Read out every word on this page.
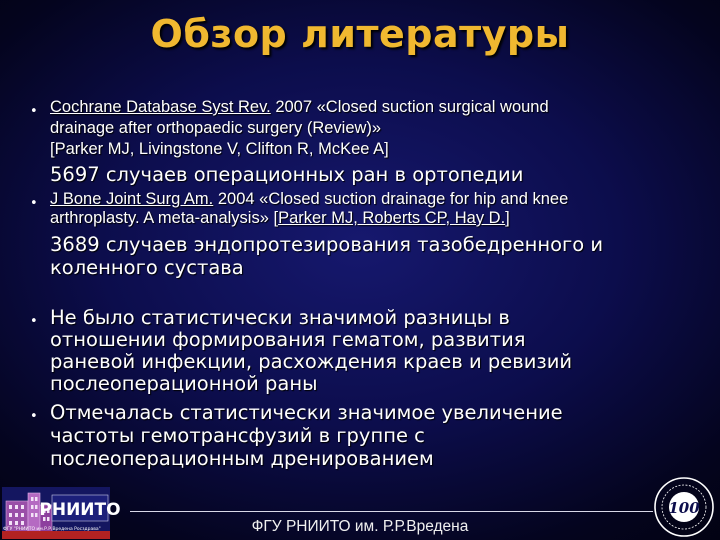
Обзор литературы
• Cochrane Database Syst Rev. 2007 «Closed suction surgical wound
drainage after orthopaedic surgery (Review)»
[Parker MJ, Livingstone V, Clifton R, McKee A]
5697 случаев операционных ран в ортопедии
• J Bone Joint Surg Am. 2004 «Closed suction drainage for hip and knee
arthroplasty. A meta-analysis» [Parker MJ, Roberts CP, Hay D.]
3689 случаев эндопротезирования тазобедренного и
коленного сустава
• Не было статистически значимой разницы в
отношении формирования гематом, развития
раневой инфекции, расхождения краев и ревизий
послеоперационной раны
• Отмечалась статистически значимое увеличение
частоты гемотрансфузий в группе с
послеоперационным дренированием
ФГУ РНИИТО им. Р.Р.Вредена
РНИИТО
ФГУ "РНИИТО им.Р.Р.Вредена Росздрава"
100
